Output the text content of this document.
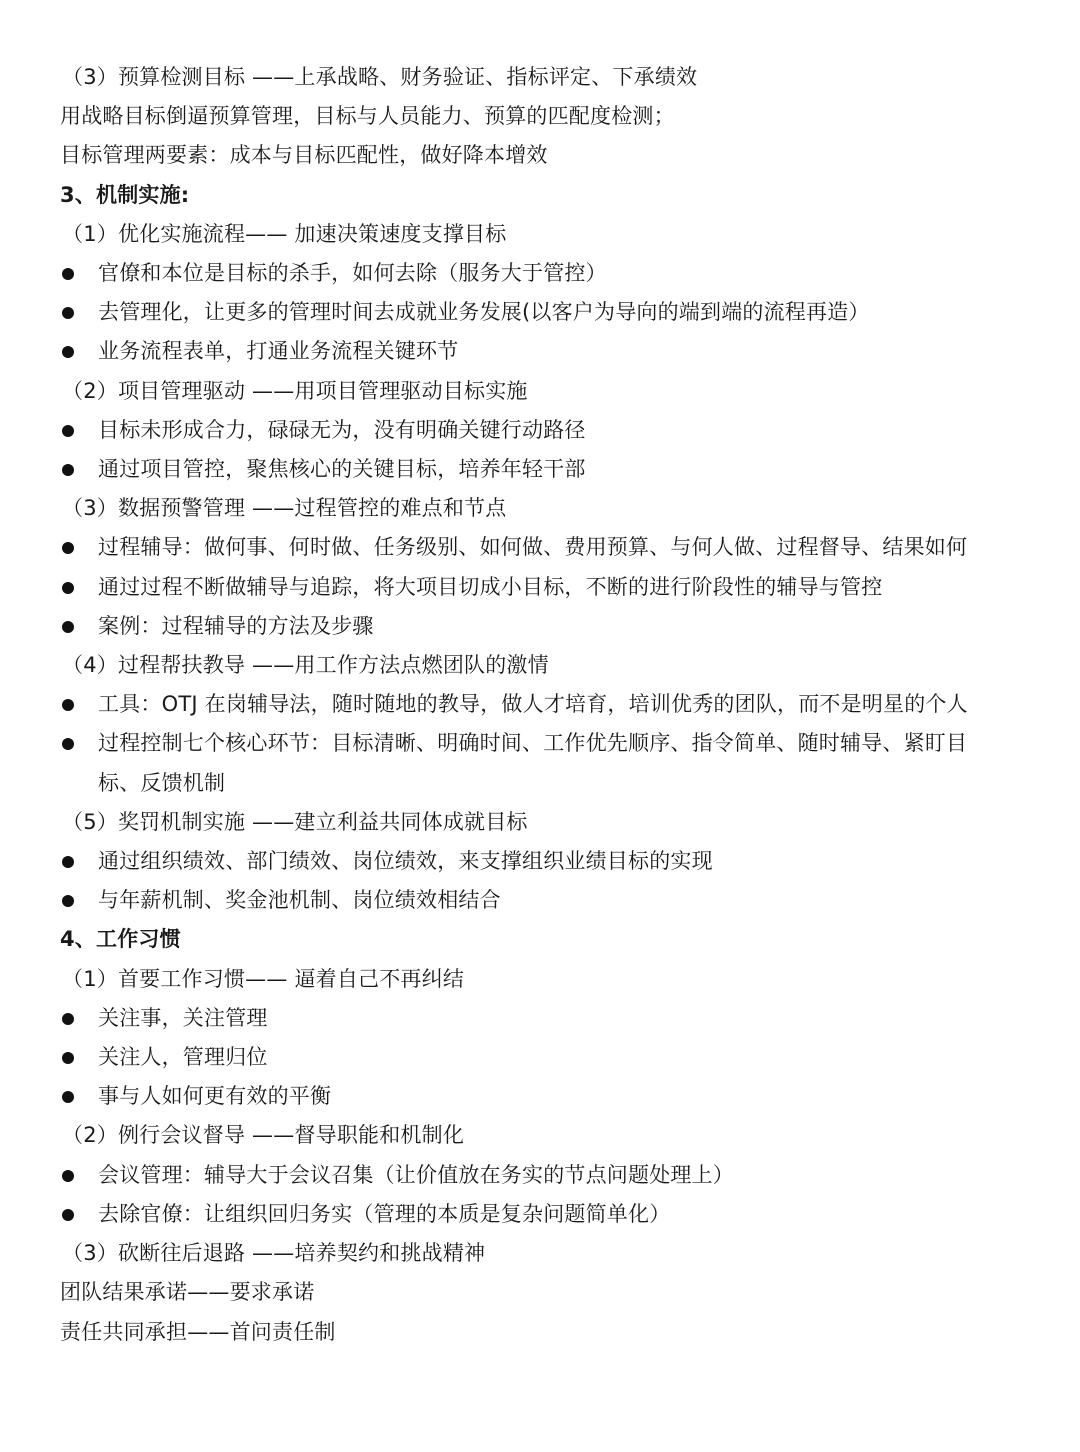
（3）预算检测目标 ——上承战略、财务验证、指标评定、下承绩效
用战略目标倒逼预算管理，目标与人员能力、预算的匹配度检测；
目标管理两要素：成本与目标匹配性，做好降本增效
3、机制实施:
（1）优化实施流程—— 加速决策速度支撑目标
官僚和本位是目标的杀手，如何去除（服务大于管控）
去管理化，让更多的管理时间去成就业务发展(以客户为导向的端到端的流程再造）
业务流程表单，打通业务流程关键环节
（2）项目管理驱动 ——用项目管理驱动目标实施
目标未形成合力，碌碌无为，没有明确关键行动路径
通过项目管控，聚焦核心的关键目标，培养年轻干部
（3）数据预警管理 ——过程管控的难点和节点
过程辅导：做何事、何时做、任务级别、如何做、费用预算、与何人做、过程督导、结果如何
通过过程不断做辅导与追踪，将大项目切成小目标，不断的进行阶段性的辅导与管控
案例：过程辅导的方法及步骤
（4）过程帮扶教导 ——用工作方法点燃团队的激情
工具：OTJ 在岗辅导法，随时随地的教导，做人才培育，培训优秀的团队，而不是明星的个人
过程控制七个核心环节：目标清晰、明确时间、工作优先顺序、指令简单、随时辅导、紧盯目标、反馈机制
（5）奖罚机制实施 ——建立利益共同体成就目标
通过组织绩效、部门绩效、岗位绩效，来支撑组织业绩目标的实现
与年薪机制、奖金池机制、岗位绩效相结合
4、工作习惯
（1）首要工作习惯—— 逼着自己不再纠结
关注事，关注管理
关注人，管理归位
事与人如何更有效的平衡
（2）例行会议督导 ——督导职能和机制化
会议管理：辅导大于会议召集（让价值放在务实的节点问题处理上）
去除官僚：让组织回归务实（管理的本质是复杂问题简单化）
（3）砍断往后退路 ——培养契约和挑战精神
团队结果承诺——要求承诺
责任共同承担——首问责任制
